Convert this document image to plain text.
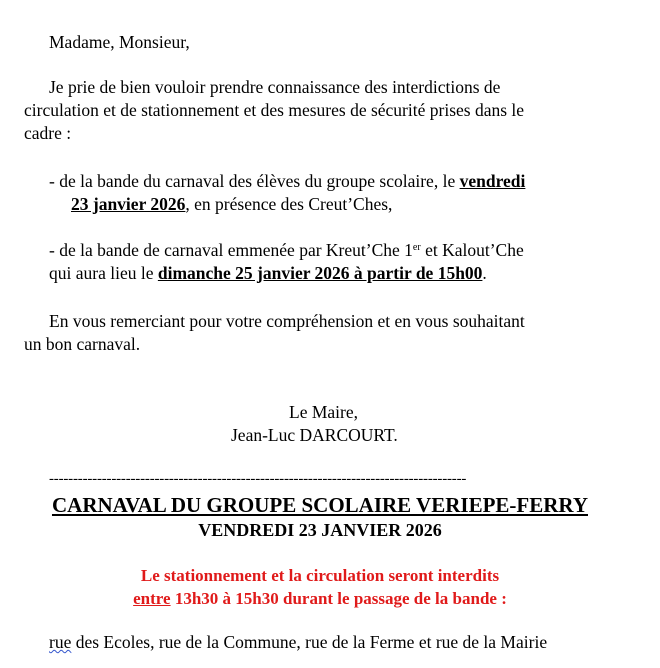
Madame, Monsieur,
Je prie de bien vouloir prendre connaissance des interdictions de
circulation et de stationnement et des mesures de sécurité prises dans le
cadre :
- de la bande du carnaval des élèves du groupe scolaire, le vendredi
23 janvier 2026, en présence des Creut’Ches,
- de la bande de carnaval emmenée par Kreut’Che 1er et Kalout’Che
qui aura lieu le dimanche 25 janvier 2026 à partir de 15h00.
En vous remerciant pour votre compréhension et en vous souhaitant
un bon carnaval.
Le Maire,
Jean-Luc DARCOURT.
---------------------------------------------------------------------------------------
CARNAVAL DU GROUPE SCOLAIRE VERIEPE-FERRY
VENDREDI 23 JANVIER 2026
Le stationnement et la circulation seront interdits
entre 13h30 à 15h30 durant le passage de la bande :
rue des Ecoles, rue de la Commune, rue de la Ferme et rue de la Mairie
